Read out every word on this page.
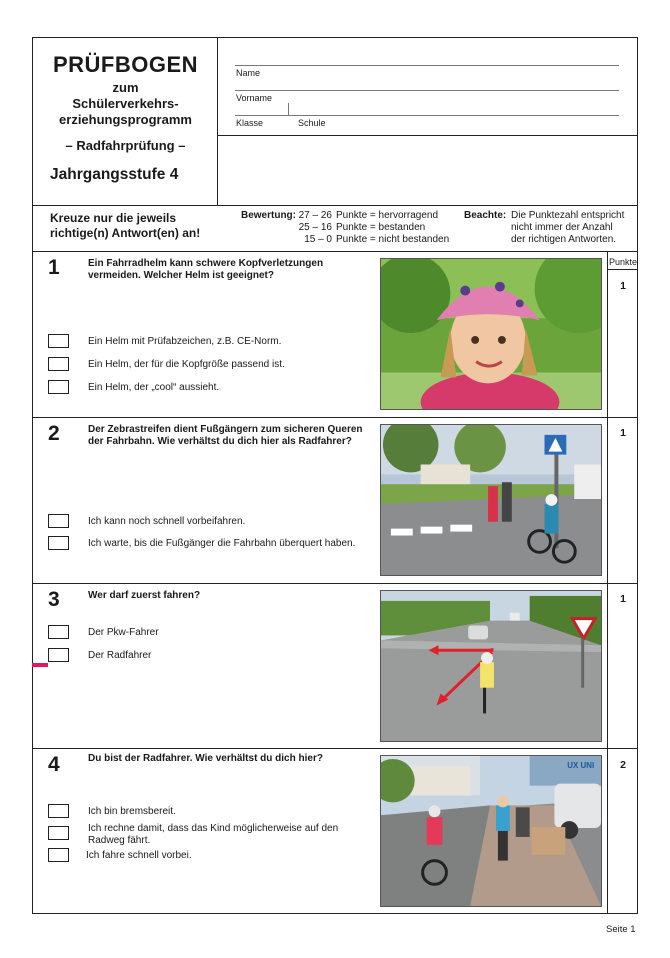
PRÜFBOGEN
zum
Schülerverkehrs-
erziehungsprogramm
– Radfahrprüfung –
Jahrgangsstufe 4
Name
Vorname
Klasse	Schule
Kreuze nur die jeweils
richtige(n) Antwort(en) an!
Bewertung: 27 – 26 Punkte = hervorragend
25 – 16 Punkte = bestanden
15 – 0 Punkte = nicht bestanden
Beachte: Die Punktezahl entspricht
nicht immer der Anzahl
der richtigen Antworten.
Punkte
1	Ein Fahrradhelm kann schwere Kopfverletzungen vermeiden. Welcher Helm ist geeignet?
Ein Helm mit Prüfabzeichen, z.B. CE-Norm.
Ein Helm, der für die Kopfgröße passend ist.
Ein Helm, der „cool“ aussieht.
1
2	Der Zebrastreifen dient Fußgängern zum sicheren Queren der Fahrbahn. Wie verhältst du dich hier als Radfahrer?
Ich kann noch schnell vorbeifahren.
Ich warte, bis die Fußgänger die Fahrbahn überquert haben.
1
3	Wer darf zuerst fahren?
Der Pkw-Fahrer
Der Radfahrer
1
4	Du bist der Radfahrer. Wie verhältst du dich hier?
Ich bin bremsbereit.
Ich rechne damit, dass das Kind möglicherweise auf den Radweg fährt.
Ich fahre schnell vorbei.
2
UX UNI
Seite 1
